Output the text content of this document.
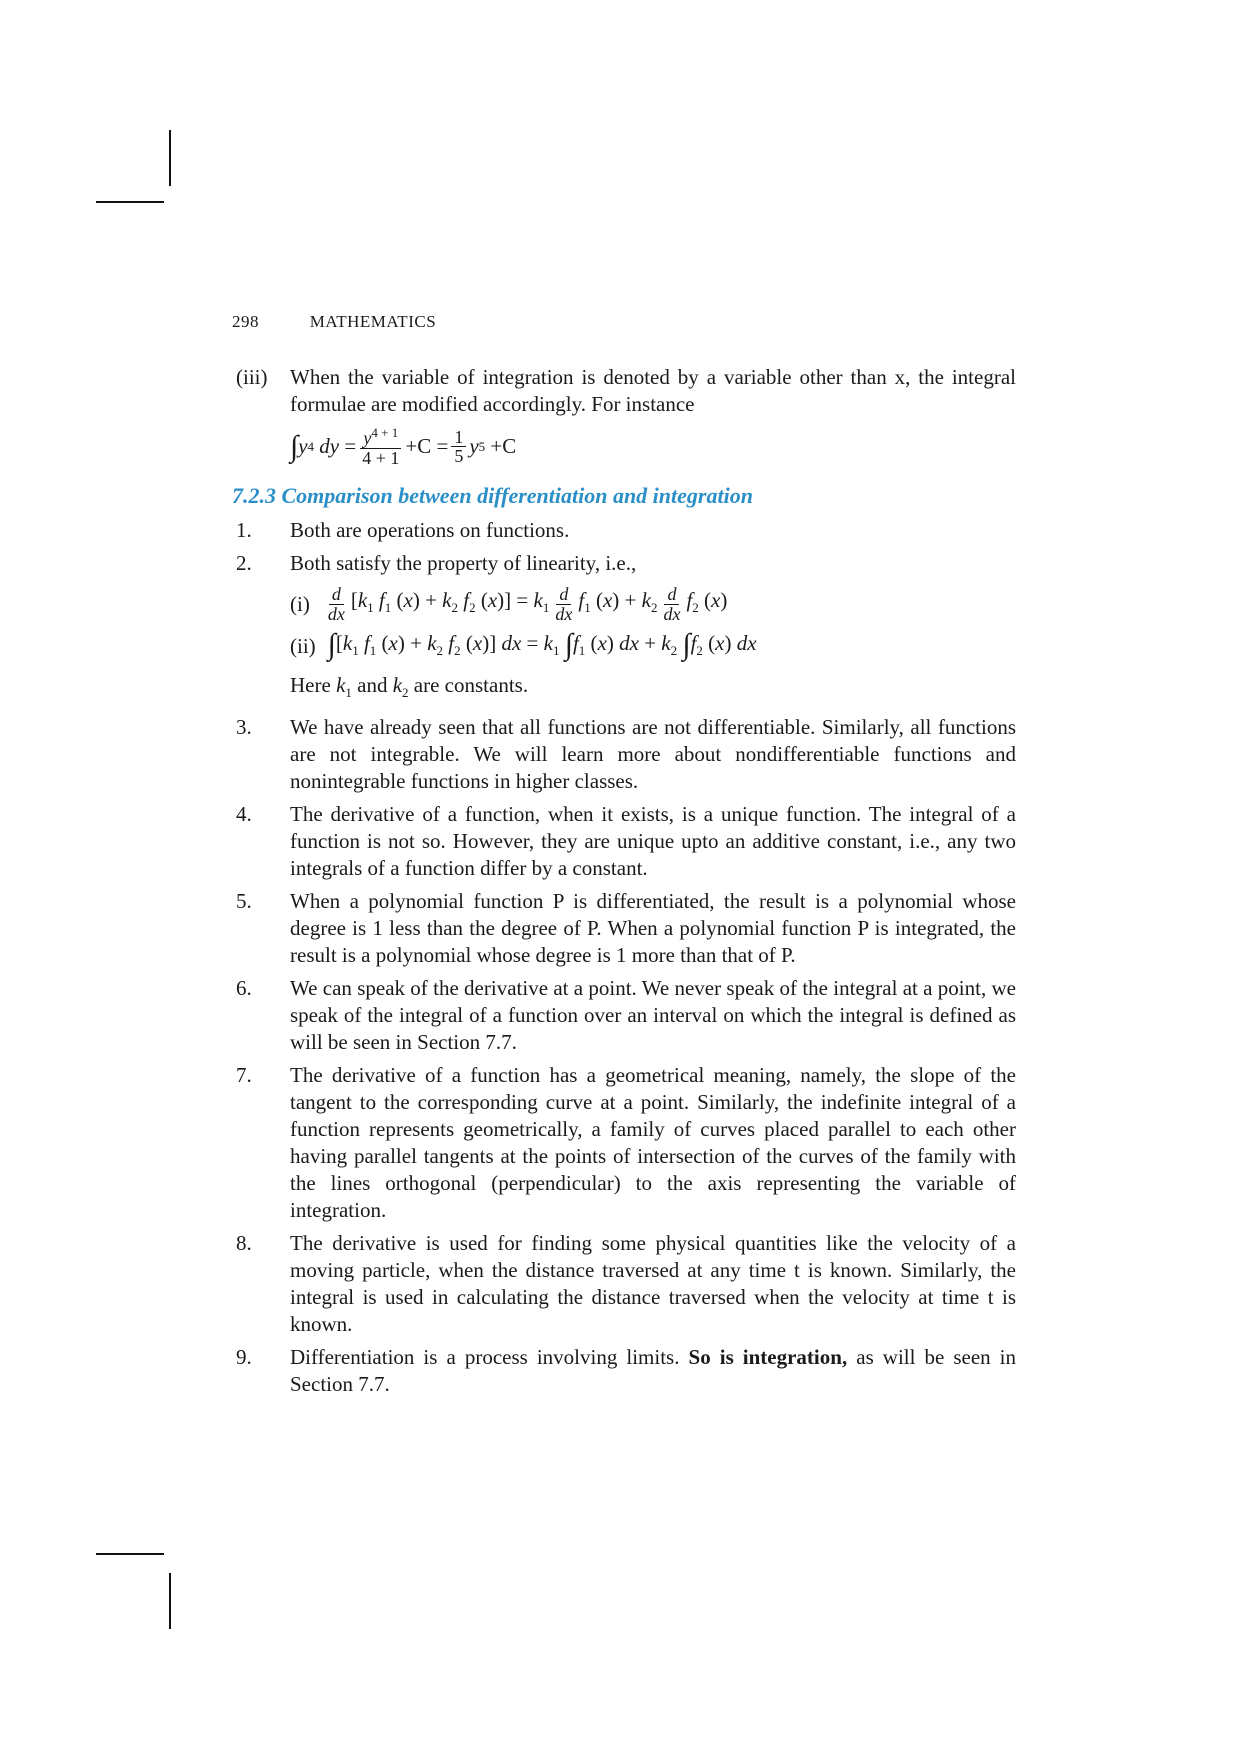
298	MATHEMATICS
(iii)	When the variable of integration is denoted by a variable other than x, the integral formulae are modified accordingly. For instance
∫ y 4
dy
= $\frac{y^{4 + 1}}{4 + 1} +C$
= $\frac{1}{5}$ y 5
+C
7.2.3 Comparison between differentiation and integration
1.	Both are operations on functions.
2.	Both satisfy the property of linearity, i.e.,
$(i) \frac{d}{dx} [k_1$ $f_1$ $(x) + k_2$ $f_2$ $(x)] = k_1 \frac{d}{dx} f_1$ $(x) + k_2 \frac{d}{dx} f_2$ (x)
(ii) $\int[k_1$ $f_1$ $(x) + k_2$ $f_2$ (x)] dx = $k_1$ $\int f_1$ (x) dx + $k_2$ $\int f_2$ (x) dx
Here $k_1$ and $k_2$ are constants.
3.	We have already seen that all functions are not differentiable. Similarly, all functions are not integrable. We will learn more about nondifferentiable functions and nonintegrable functions in higher classes.
4.	The derivative of a function, when it exists, is a unique function. The integral of a function is not so. However, they are unique upto an additive constant, i.e., any two integrals of a function differ by a constant.
5.	When a polynomial function P is differentiated, the result is a polynomial whose degree is 1 less than the degree of P. When a polynomial function P is integrated, the result is a polynomial whose degree is 1 more than that of P.
6.	We can speak of the derivative at a point. We never speak of the integral at a point, we speak of the integral of a function over an interval on which the integral is defined as will be seen in Section 7.7.
7.	The derivative of a function has a geometrical meaning, namely, the slope of the tangent to the corresponding curve at a point. Similarly, the indefinite integral of a function represents geometrically, a family of curves placed parallel to each other having parallel tangents at the points of intersection of the curves of the family with the lines orthogonal (perpendicular) to the axis representing the variable of integration.
8.	The derivative is used for finding some physical quantities like the velocity of a moving particle, when the distance traversed at any time t is known. Similarly, the integral is used in calculating the distance traversed when the velocity at time t is known.
9.	Differentiation is a process involving limits. So is integration, as will be seen in Section 7.7.
